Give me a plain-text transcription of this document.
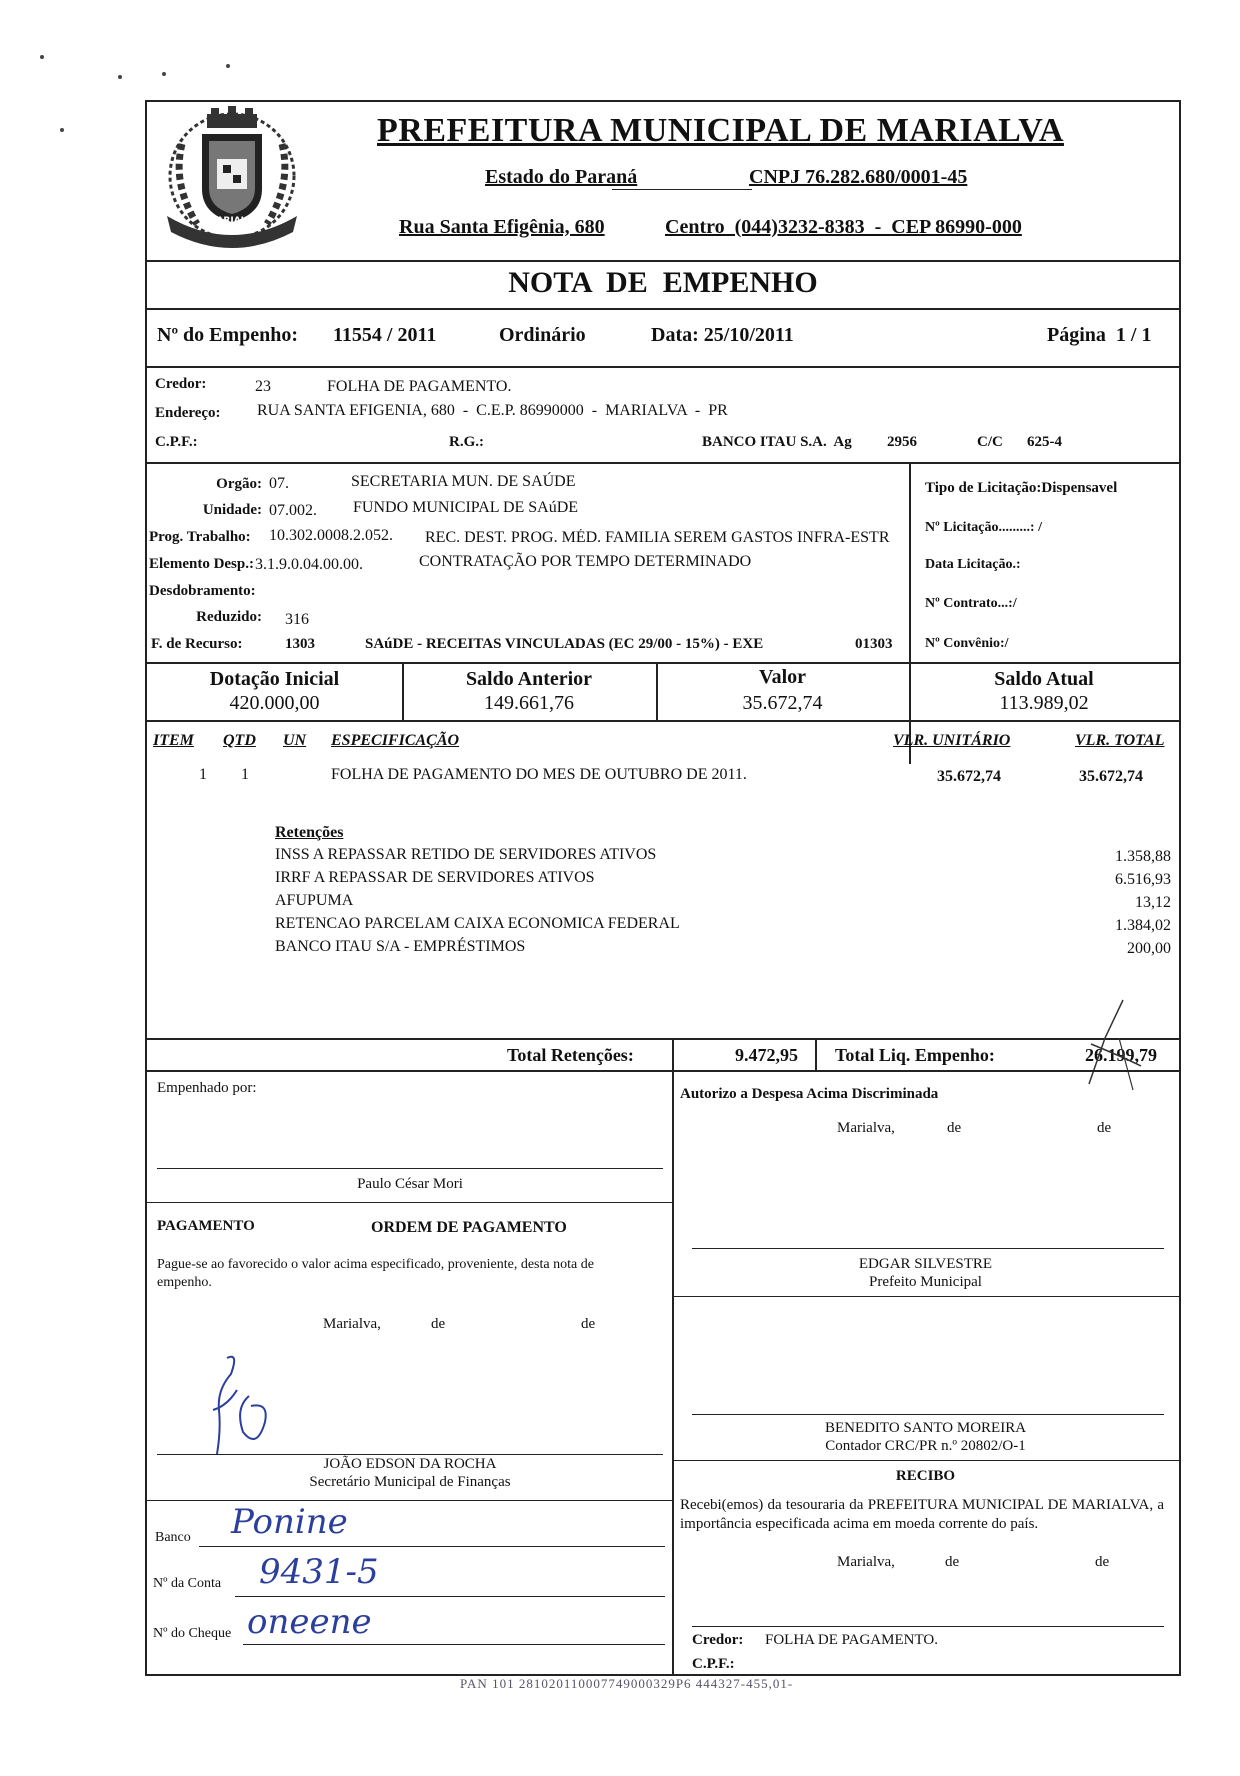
MARIALVA
PREFEITURA MUNICIPAL DE MARIALVA
Estado do Paraná	CNPJ 76.282.680/0001-45
Rua Santa Efigênia, 680	Centro  (044)3232-8383  -  CEP 86990-000
NOTA  DE  EMPENHO
Nº do Empenho: 11554 / 2011	Ordinário	Data: 25/10/2011	Página  1 / 1
Credor:	23	FOLHA DE PAGAMENTO.
Endereço: RUA SANTA EFIGENIA, 680  -  C.E.P. 86990000  -  MARIALVA  -  PR
C.P.F.:	R.G.:	BANCO ITAU S.A.  Ag 2956	C/C 625-4
Orgão: 07.	SECRETARIA MUN. DE SAÚDE
Unidade: 07.002. FUNDO MUNICIPAL DE SAúDE
Prog. Trabalho: 10.302.0008.2.052. REC. DEST. PROG. MÉD. FAMILIA SEREM GASTOS INFRA-ESTR
Elemento Desp.: 3.1.9.0.04.00.00.	CONTRATAÇÃO POR TEMPO DETERMINADO
Desdobramento:
Reduzido: 316
F. de Recurso:	1303	SAúDE - RECEITAS VINCULADAS (EC 29/00 - 15%) - EXE	01303
Tipo de Licitação:Dispensavel
Nº Licitação.........: /
Data Licitação.:
Nº Contrato...:/
Nº Convênio:/
Dotação Inicial
420.000,00
Saldo Anterior
149.661,76
Valor
35.672,74
Saldo Atual
113.989,02
ITEM QTD UN ESPECIFICAÇÃO	VLR. UNITÁRIO	VLR. TOTAL
1 1	FOLHA DE PAGAMENTO DO MES DE OUTUBRO DE 2011.	35.672,74	35.672,74
Retenções
INSS A REPASSAR RETIDO DE SERVIDORES ATIVOS	1.358,88
IRRF A REPASSAR DE SERVIDORES ATIVOS	6.516,93
AFUPUMA	13,12
RETENCAO PARCELAM CAIXA ECONOMICA FEDERAL	1.384,02
BANCO ITAU S/A - EMPRÉSTIMOS	200,00
Total Retenções:	9.472,95 Total Liq. Empenho:	26.199,79
Empenhado por:
Paulo César Mori
Autorizo a Despesa Acima Discriminada
Marialva,	de	de
PAGAMENTO	ORDEM DE PAGAMENTO
Pague-se ao favorecido o valor acima especificado, proveniente, desta nota de empenho.
Marialva,	de	de
JOÃO EDSON DA ROCHA
Secretário Municipal de Finanças
EDGAR SILVESTRE
Prefeito Municipal
BENEDITO SANTO MOREIRA
Contador CRC/PR n.º 20802/O-1
RECIBO
Recebi(emos) da tesouraria da PREFEITURA MUNICIPAL DE MARIALVA, a importância especificada acima em moeda corrente do país.
Marialva,	de	de
Credor: FOLHA DE PAGAMENTO.
C.P.F.:
Banco Ponine
Nº da Conta 9431-5
Nº do Cheque oneene
PAN 101 281020110007749000329P6 444327-455,01-
